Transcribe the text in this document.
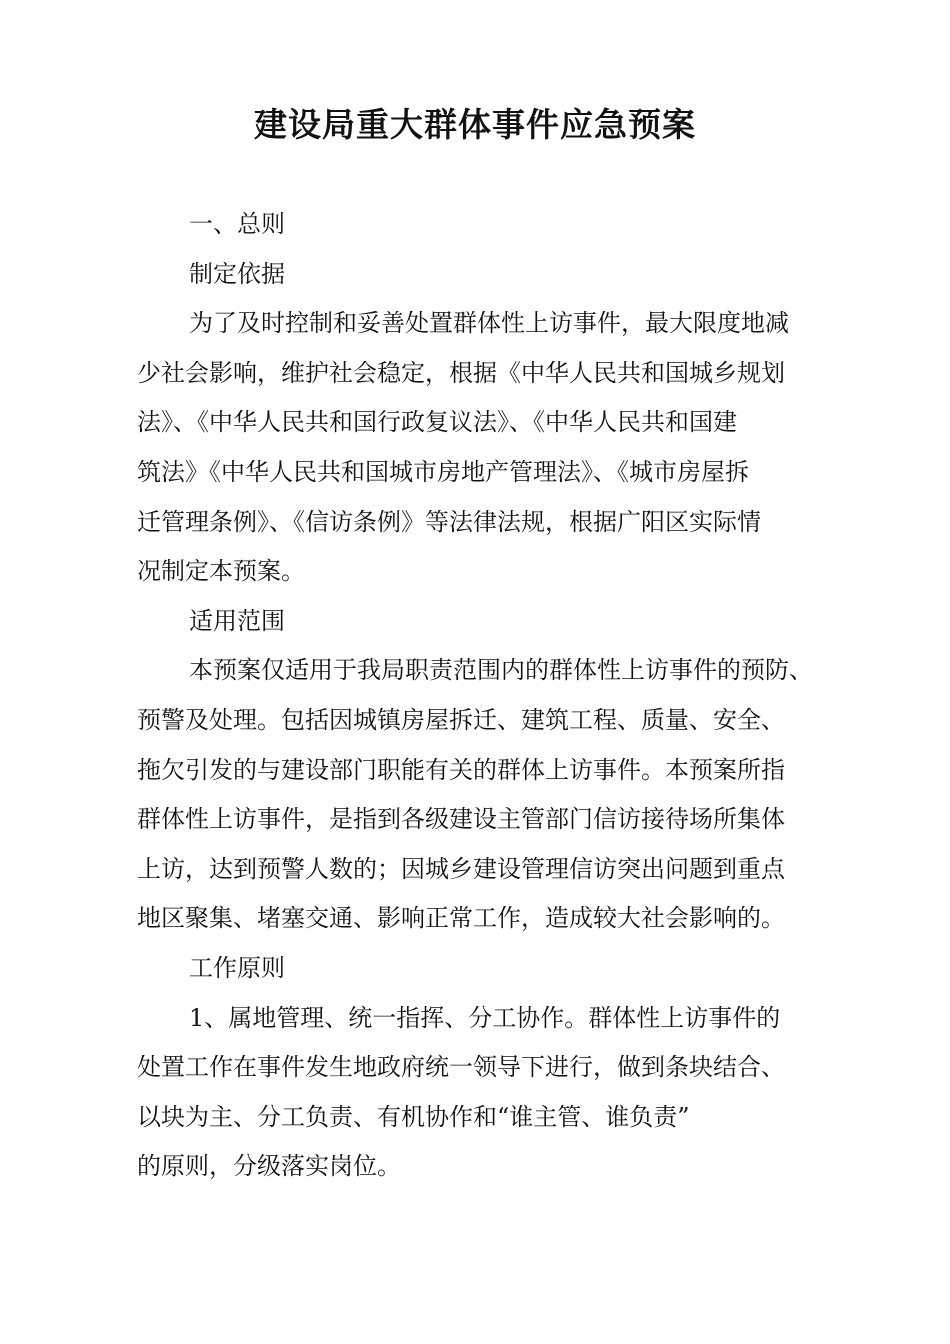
建设局重大群体事件应急预案
一、总则
制定依据
为了及时控制和妥善处置群体性上访事件，最大限度地减
少社会影响，维护社会稳定，根据《中华人民共和国城乡规划
法》、《中华人民共和国行政复议法》、《中华人民共和国建
筑法》《中华人民共和国城市房地产管理法》、《城市房屋拆
迁管理条例》、《信访条例》等法律法规，根据广阳区实际情
况制定本预案。
适用范围
本预案仅适用于我局职责范围内的群体性上访事件的预防、
预警及处理。包括因城镇房屋拆迁、建筑工程、质量、安全、
拖欠引发的与建设部门职能有关的群体上访事件。本预案所指
群体性上访事件，是指到各级建设主管部门信访接待场所集体
上访，达到预警人数的；因城乡建设管理信访突出问题到重点
地区聚集、堵塞交通、影响正常工作，造成较大社会影响的。
工作原则
1、属地管理、统一指挥、分工协作。群体性上访事件的
处置工作在事件发生地政府统一领导下进行，做到条块结合、
以块为主、分工负责、有机协作和“谁主管、谁负责”
的原则，分级落实岗位。
